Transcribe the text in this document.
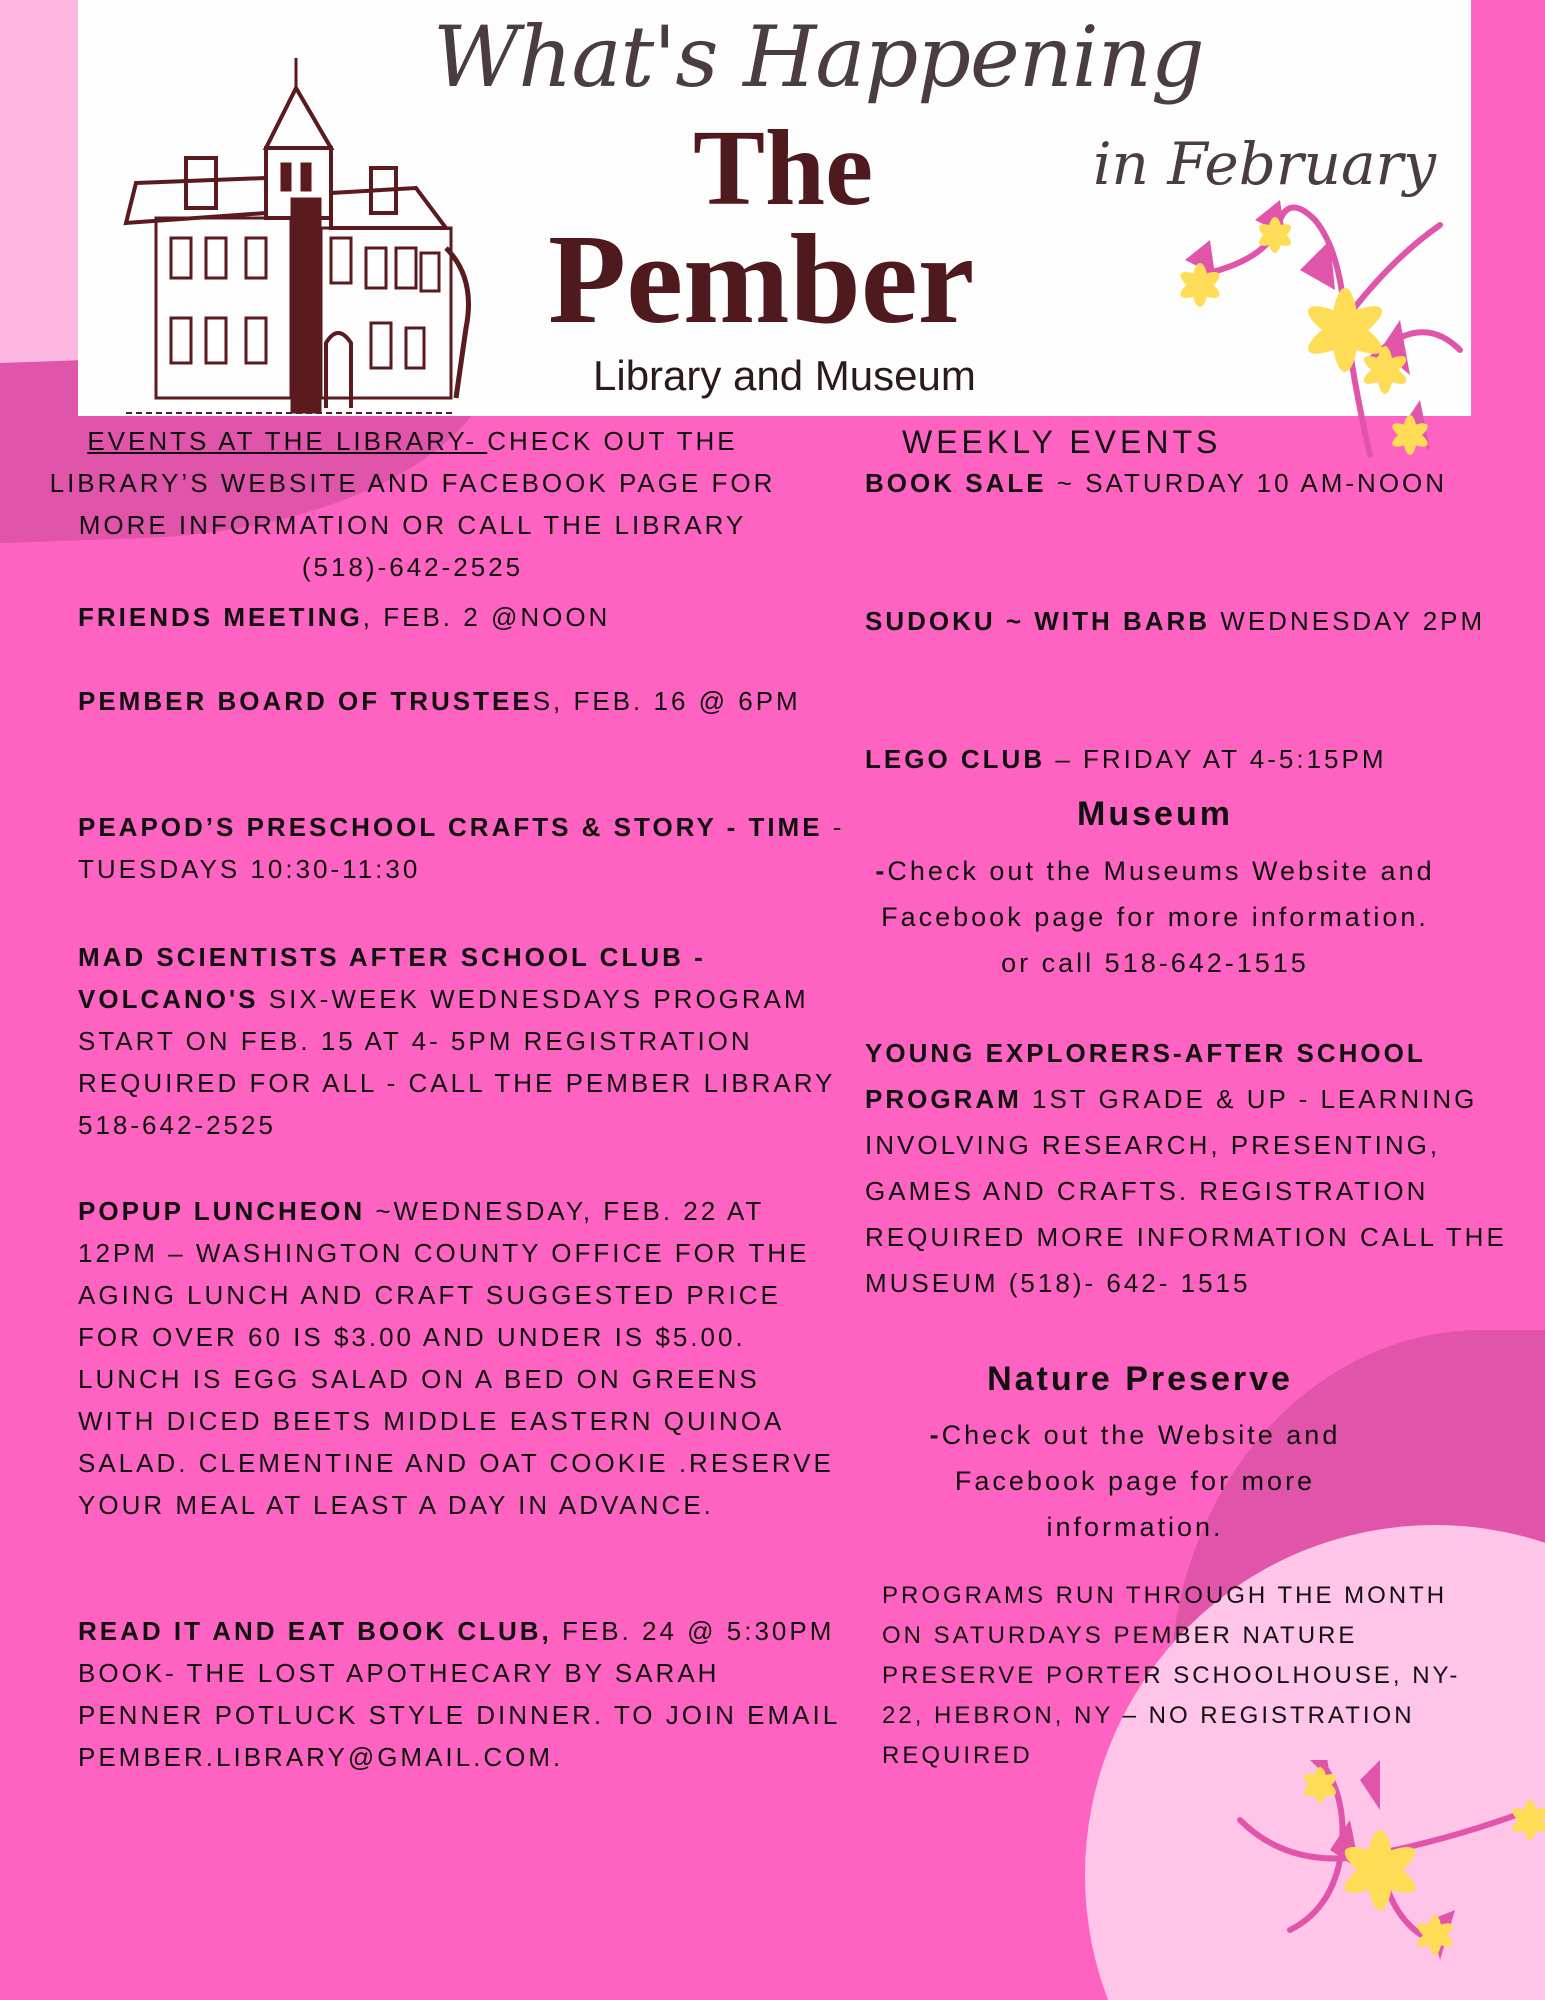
What's Happening
The	in February
Pember
Library and Museum
EVENTS AT THE LIBRARY- CHECK OUT THE LIBRARY’S WEBSITE AND FACEBOOK PAGE FOR MORE INFORMATION OR CALL THE LIBRARY (518)-642-2525
FRIENDS MEETING, FEB. 2 @NOON
PEMBER BOARD OF TRUSTEES, FEB. 16 @ 6PM
PEAPOD’S PRESCHOOL CRAFTS & STORY - TIME - TUESDAYS 10:30-11:30
MAD SCIENTISTS AFTER SCHOOL CLUB - VOLCANO'S SIX-WEEK WEDNESDAYS PROGRAM START ON FEB. 15 AT 4- 5PM REGISTRATION REQUIRED FOR ALL - CALL THE PEMBER LIBRARY 518-642-2525
POPUP LUNCHEON ~WEDNESDAY, FEB. 22 AT 12PM – WASHINGTON COUNTY OFFICE FOR THE AGING LUNCH AND CRAFT SUGGESTED PRICE FOR OVER 60 IS $3.00 AND UNDER IS $5.00. LUNCH IS EGG SALAD ON A BED ON GREENS WITH DICED BEETS MIDDLE EASTERN QUINOA SALAD. CLEMENTINE AND OAT COOKIE .RESERVE YOUR MEAL AT LEAST A DAY IN ADVANCE.
READ IT AND EAT BOOK CLUB, FEB. 24 @ 5:30PM BOOK- THE LOST APOTHECARY BY SARAH PENNER POTLUCK STYLE DINNER. TO JOIN EMAIL PEMBER.LIBRARY@GMAIL.COM.
WEEKLY EVENTS
BOOK SALE ~ SATURDAY 10 AM-NOON
SUDOKU ~ WITH BARB WEDNESDAY 2PM
LEGO CLUB – FRIDAY AT 4-5:15PM
Museum
-Check out the Museums Website and Facebook page for more information. or call 518-642-1515
YOUNG EXPLORERS-AFTER SCHOOL PROGRAM 1ST GRADE & UP - LEARNING INVOLVING RESEARCH, PRESENTING, GAMES AND CRAFTS. REGISTRATION REQUIRED MORE INFORMATION CALL THE MUSEUM (518)- 642- 1515
Nature Preserve
-Check out the Website and Facebook page for more information.
PROGRAMS RUN THROUGH THE MONTH ON SATURDAYS PEMBER NATURE PRESERVE PORTER SCHOOLHOUSE, NY-22, HEBRON, NY – NO REGISTRATION REQUIRED
